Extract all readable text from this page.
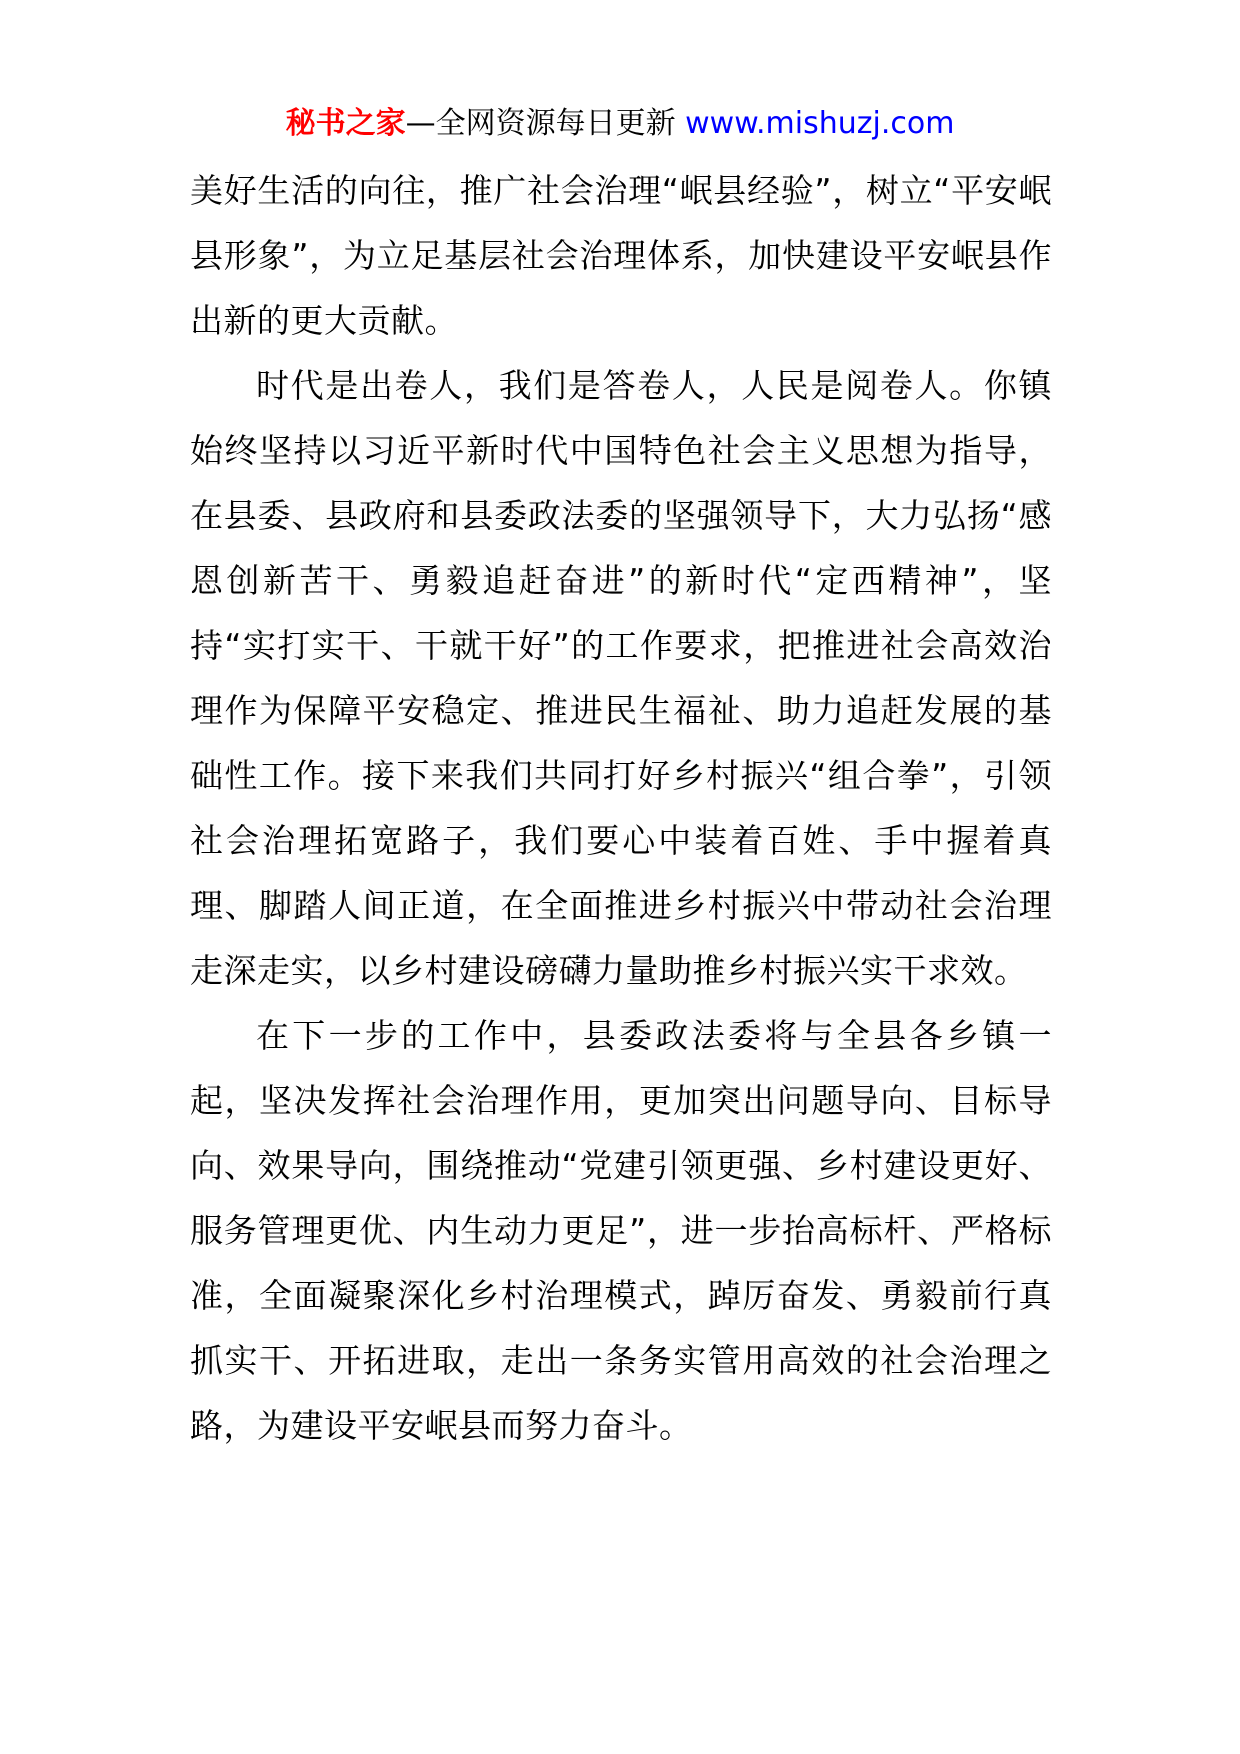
秘书之家—全网资源每日更新 www.mishuzj.com

美好生活的向往，推广社会治理“岷县经验”，树立“平安岷县形象”，为立足基层社会治理体系，加快建设平安岷县作出新的更大贡献。

时代是出卷人，我们是答卷人，人民是阅卷人。你镇始终坚持以习近平新时代中国特色社会主义思想为指导，在县委、县政府和县委政法委的坚强领导下，大力弘扬“感恩创新苦干、勇毅追赶奋进”的新时代“定西精神”，坚持“实打实干、干就干好”的工作要求，把推进社会高效治理作为保障平安稳定、推进民生福祉、助力追赶发展的基础性工作。接下来我们共同打好乡村振兴“组合拳”，引领社会治理拓宽路子，我们要心中装着百姓、手中握着真理、脚踏人间正道，在全面推进乡村振兴中带动社会治理走深走实，以乡村建设磅礴力量助推乡村振兴实干求效。

在下一步的工作中，县委政法委将与全县各乡镇一起，坚决发挥社会治理作用，更加突出问题导向、目标导向、效果导向，围绕推动“党建引领更强、乡村建设更好、服务管理更优、内生动力更足”，进一步抬高标杆、严格标准，全面凝聚深化乡村治理模式，踔厉奋发、勇毅前行真抓实干、开拓进取，走出一条务实管用高效的社会治理之路，为建设平安岷县而努力奋斗。
